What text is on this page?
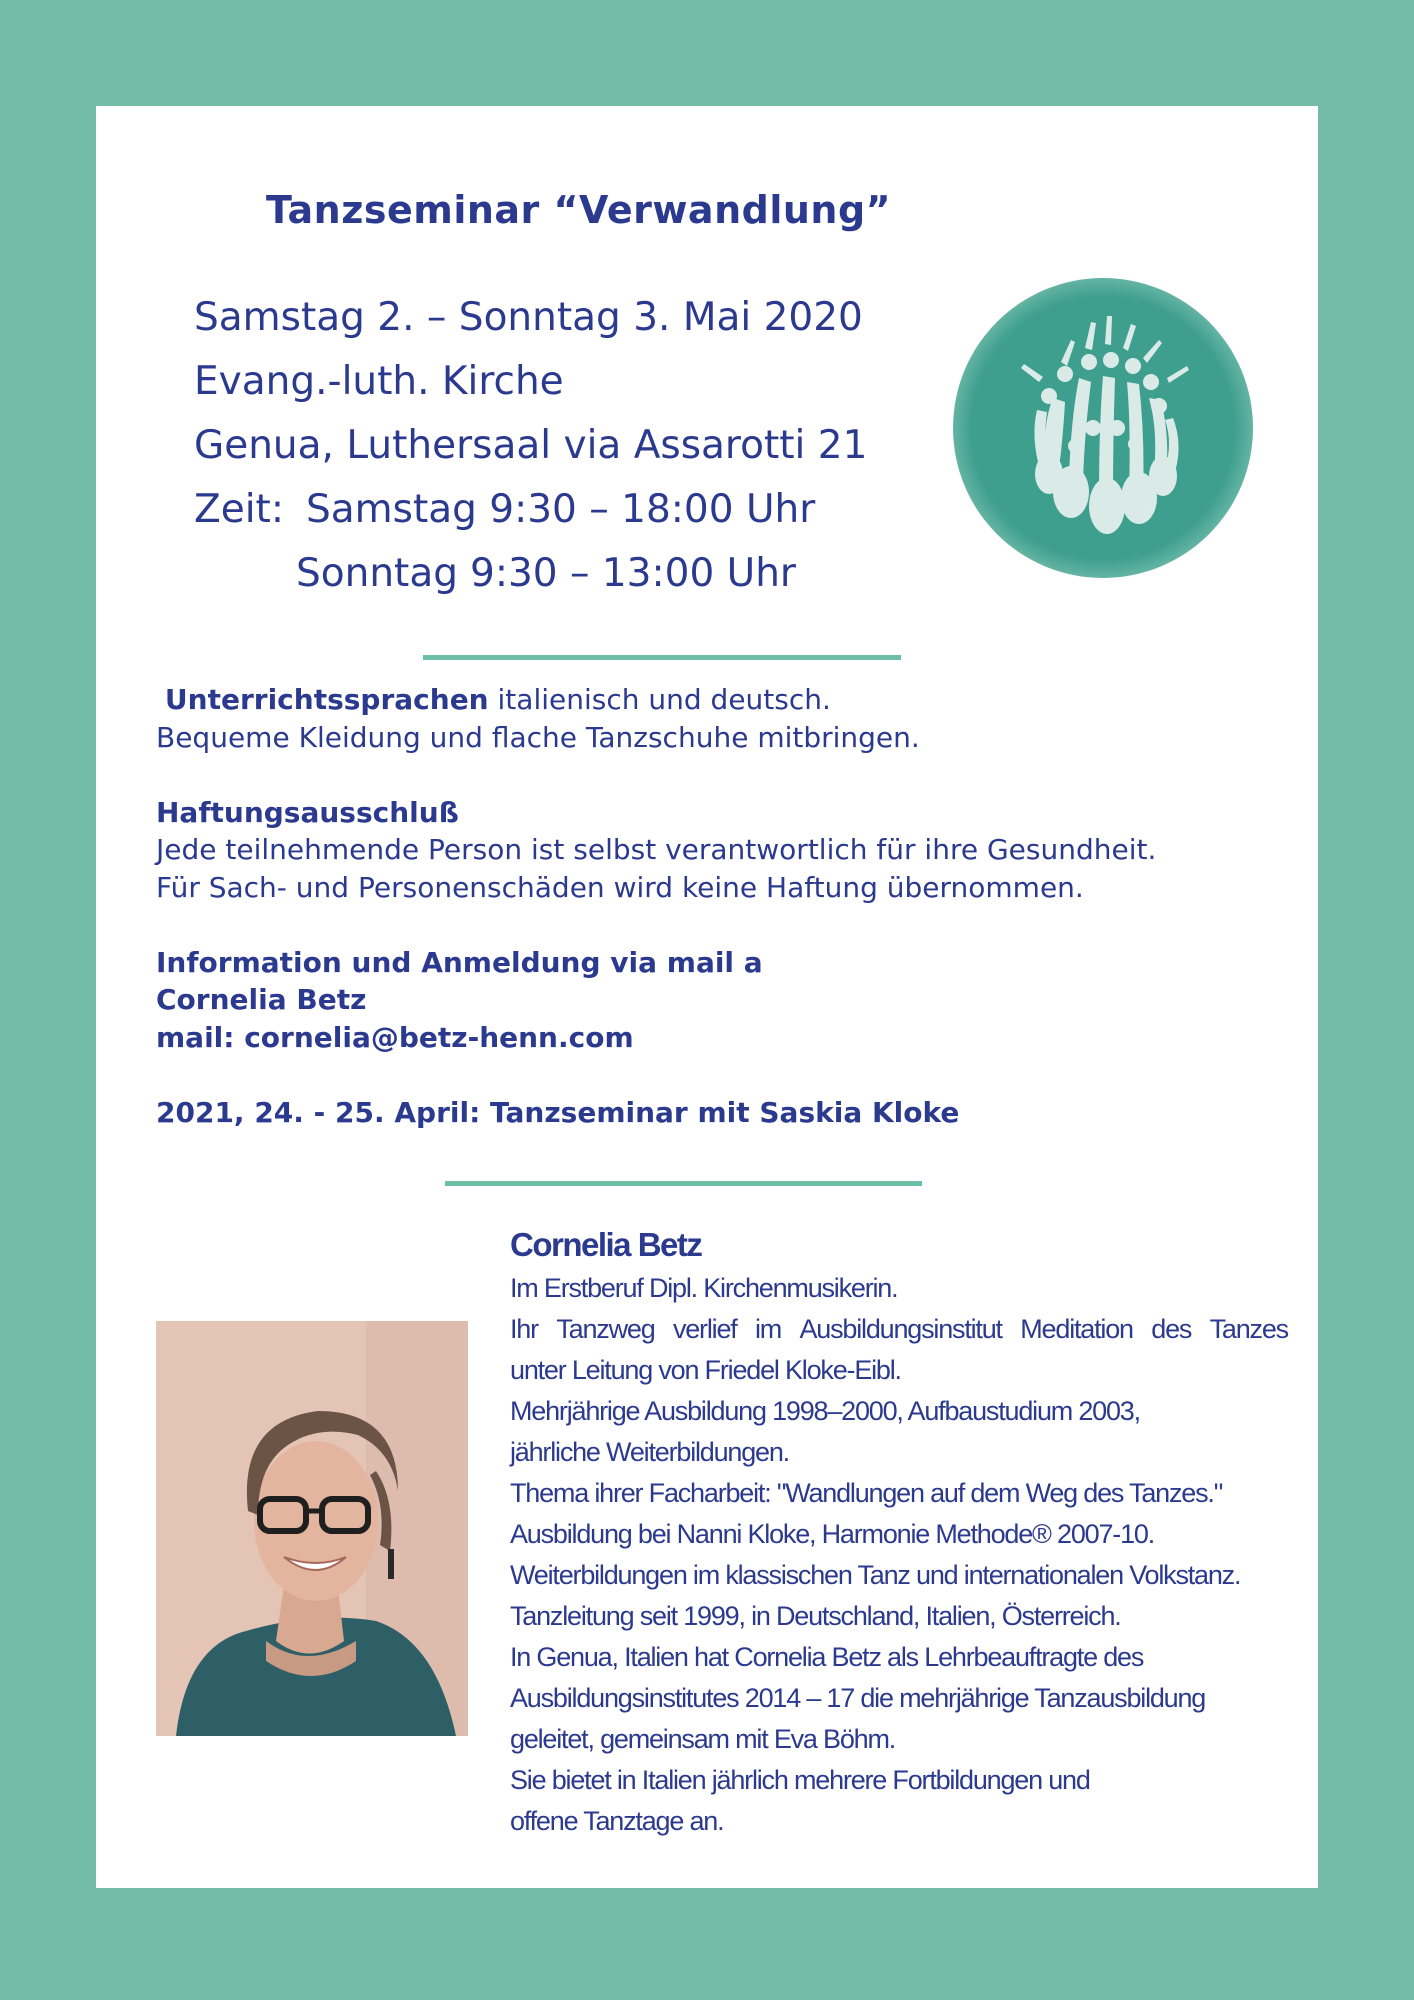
Tanzseminar “Verwandlung”
Samstag 2. – Sonntag 3. Mai 2020
Evang.-luth. Kirche
Genua, Luthersaal via Assarotti 21
Zeit: Samstag 9:30 – 18:00 Uhr
Sonntag 9:30 – 13:00 Uhr
Unterrichtssprachen italienisch und deutsch.
Bequeme Kleidung und flache Tanzschuhe mitbringen.
Haftungsausschluß
Jede teilnehmende Person ist selbst verantwortlich für ihre Gesundheit.
Für Sach- und Personenschäden wird keine Haftung übernommen.
Information und Anmeldung via mail a
Cornelia Betz
mail: cornelia@betz-henn.com
2021, 24. - 25. April: Tanzseminar mit Saskia Kloke
Cornelia Betz
Im Erstberuf Dipl. Kirchenmusikerin.
Ihr Tanzweg verlief im Ausbildungsinstitut Meditation des Tanzes
unter Leitung von Friedel Kloke-Eibl.
Mehrjährige Ausbildung 1998–2000, Aufbaustudium 2003,
jährliche Weiterbildungen.
Thema ihrer Facharbeit: "Wandlungen auf dem Weg des Tanzes."
Ausbildung bei Nanni Kloke, Harmonie Methode® 2007-10.
Weiterbildungen im klassischen Tanz und internationalen Volkstanz.
Tanzleitung seit 1999, in Deutschland, Italien, Österreich.
In Genua, Italien hat Cornelia Betz als Lehrbeauftragte des
Ausbildungsinstitutes 2014 – 17 die mehrjährige Tanzausbildung
geleitet, gemeinsam mit Eva Böhm.
Sie bietet in Italien jährlich mehrere Fortbildungen und
offene Tanztage an.
